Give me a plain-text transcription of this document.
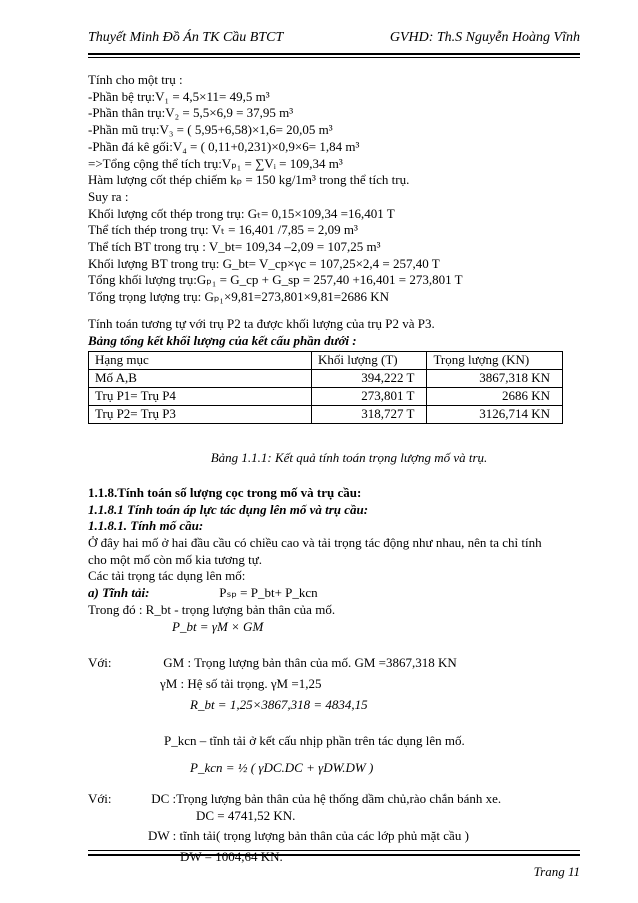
Thuyết Minh Đồ Án TK Cầu BTCT	GVHD: Th.S Nguyễn Hoàng Vĩnh
Tính cho một trụ :
-Phần bệ trụ:V₁ = 4,5×11= 49,5 m³
-Phần thân trụ:V₂ = 5,5×6,9 = 37,95 m³
-Phần mũ trụ:V₃ = ( 5,95+6,58)×1,6= 20,05 m³
-Phần đá kê gối:V₄ = ( 0,11+0,231)×0,9×6= 1,84 m³
=>Tổng cộng thể tích trụ:Vₚ₁ = ∑Vᵢ = 109,34 m³
Hàm lượng cốt thép chiếm kₚ = 150 kg/1m³ trong thể tích trụ.
Suy ra :
Khối lượng cốt thép trong trụ: Gₜ= 0,15×109,34 =16,401 T
Thể tích thép trong trụ: Vₜ = 16,401 /7,85 = 2,09 m³
Thể tích BT trong trụ : V_bt= 109,34 –2,09 = 107,25 m³
Khối lượng BT trong trụ: G_bt= V_cp×γc = 107,25×2,4 = 257,40 T
Tổng khối lượng trụ:Gₚ₁ = G_cp + G_sp = 257,40 +16,401 = 273,801 T
Tổng trọng lượng trụ: Gₚ₁×9,81=273,801×9,81=2686 KN
Tính toán tương tự với trụ P2 ta được khối lượng của trụ P2 và P3.
Bảng tổng kết khối lượng của kết cấu phần dưới :
Hạng mục	Khối lượng (T)	Trọng lượng (KN)
Mố A,B	394,222 T	3867,318 KN
Trụ P1= Trụ P4	273,801 T	2686 KN
Trụ P2= Trụ P3	318,727 T	3126,714 KN
Bảng 1.1.1: Kết quả tính toán trọng lượng mố và trụ.
1.1.8.Tính toán số lượng cọc trong mố và trụ cầu:
1.1.8.1 Tính toán áp lực tác dụng lên mố và trụ cầu:
1.1.8.1. Tính mố cầu:
Ở đây hai mố ở hai đầu cầu có chiều cao và tải trọng tác động như nhau, nên ta chỉ tính
cho một mố còn mố kia tương tự.
Các tải trọng tác dụng lên mố:
a) Tĩnh tải:	Pₛₚ = P_bt+ P_kcn
Trong đó : R_bt - trọng lượng bản thân của mố.
P_bt = γM × GM
Với:	GM : Trọng lượng bản thân của mố. GM =3867,318 KN
γM : Hệ số tải trọng. γM =1,25
R_bt = 1,25×3867,318 = 4834,15
P_kcn – tĩnh tải ở kết cấu nhịp phần trên tác dụng lên mố.
P_kcn = ½ ( γDC.DC + γDW.DW )
Với:	DC :Trọng lượng bản thân của hệ thống dầm chủ,rào chắn bánh xe.
DC = 4741,52 KN.
DW : tĩnh tải( trọng lượng bản thân của các lớp phủ mặt cầu )
DW = 1004,64 KN.
Trang 11
